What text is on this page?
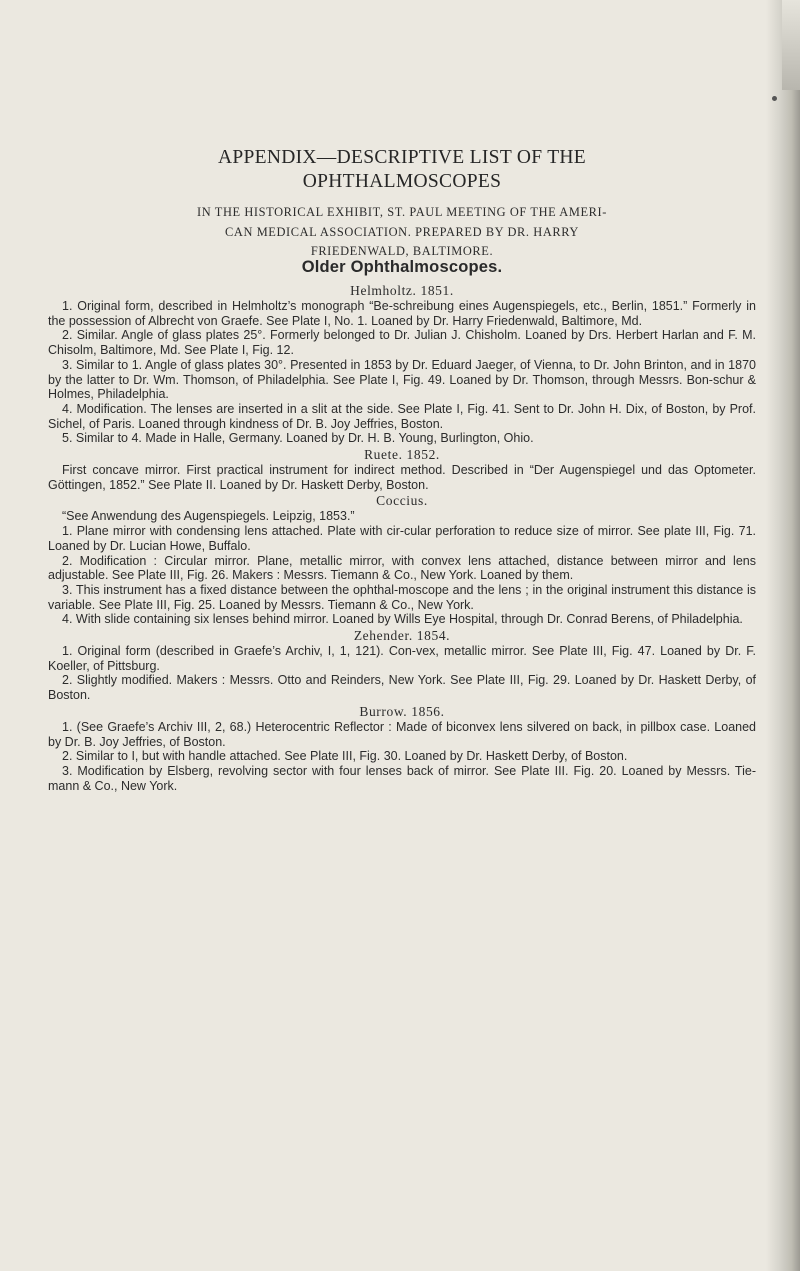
APPENDIX—DESCRIPTIVE LIST OF THE
OPHTHALMOSCOPES
IN THE HISTORICAL EXHIBIT, ST. PAUL MEETING OF THE AMERI-
CAN MEDICAL ASSOCIATION. PREPARED BY DR. HARRY
FRIEDENWALD, BALTIMORE.
Older Ophthalmoscopes.

Helmholtz. 1851.

1. Original form, described in Helmholtz’s monograph “Be-schreibung eines Augenspiegels, etc., Berlin, 1851.” Formerly in the possession of Albrecht von Graefe. See Plate I, No. 1. Loaned by Dr. Harry Friedenwald, Baltimore, Md.

2. Similar. Angle of glass plates 25°. Formerly belonged to Dr. Julian J. Chisholm. Loaned by Drs. Herbert Harlan and F. M. Chisolm, Baltimore, Md. See Plate I, Fig. 12.

3. Similar to 1. Angle of glass plates 30°. Presented in 1853 by Dr. Eduard Jaeger, of Vienna, to Dr. John Brinton, and in 1870 by the latter to Dr. Wm. Thomson, of Philadelphia. See Plate I, Fig. 49. Loaned by Dr. Thomson, through Messrs. Bon-schur & Holmes, Philadelphia.

4. Modification. The lenses are inserted in a slit at the side. See Plate I, Fig. 41. Sent to Dr. John H. Dix, of Boston, by Prof. Sichel, of Paris. Loaned through kindness of Dr. B. Joy Jeffries, Boston.

5. Similar to 4. Made in Halle, Germany. Loaned by Dr. H. B. Young, Burlington, Ohio.

Ruete. 1852.

First concave mirror. First practical instrument for indirect method. Described in “Der Augenspiegel und das Optometer. Göttingen, 1852.” See Plate II. Loaned by Dr. Haskett Derby, Boston.

Coccius.

“See Anwendung des Augenspiegels. Leipzig, 1853.”

1. Plane mirror with condensing lens attached. Plate with cir-cular perforation to reduce size of mirror. See plate III, Fig. 71. Loaned by Dr. Lucian Howe, Buffalo.

2. Modification : Circular mirror. Plane, metallic mirror, with convex lens attached, distance between mirror and lens adjustable. See Plate III, Fig. 26. Makers : Messrs. Tiemann & Co., New York. Loaned by them.

3. This instrument has a fixed distance between the ophthal-moscope and the lens ; in the original instrument this distance is variable. See Plate III, Fig. 25. Loaned by Messrs. Tiemann & Co., New York.

4. With slide containing six lenses behind mirror. Loaned by Wills Eye Hospital, through Dr. Conrad Berens, of Philadelphia.

Zehender. 1854.

1. Original form (described in Graefe’s Archiv, I, 1, 121). Con-vex, metallic mirror. See Plate III, Fig. 47. Loaned by Dr. F. Koeller, of Pittsburg.

2. Slightly modified. Makers : Messrs. Otto and Reinders, New York. See Plate III, Fig. 29. Loaned by Dr. Haskett Derby, of Boston.

Burrow. 1856.

1. (See Graefe’s Archiv III, 2, 68.) Heterocentric Reflector : Made of biconvex lens silvered on back, in pillbox case. Loaned by Dr. B. Joy Jeffries, of Boston.

2. Similar to I, but with handle attached. See Plate III, Fig. 30. Loaned by Dr. Haskett Derby, of Boston.

3. Modification by Elsberg, revolving sector with four lenses back of mirror. See Plate III. Fig. 20. Loaned by Messrs. Tie-mann & Co., New York.
